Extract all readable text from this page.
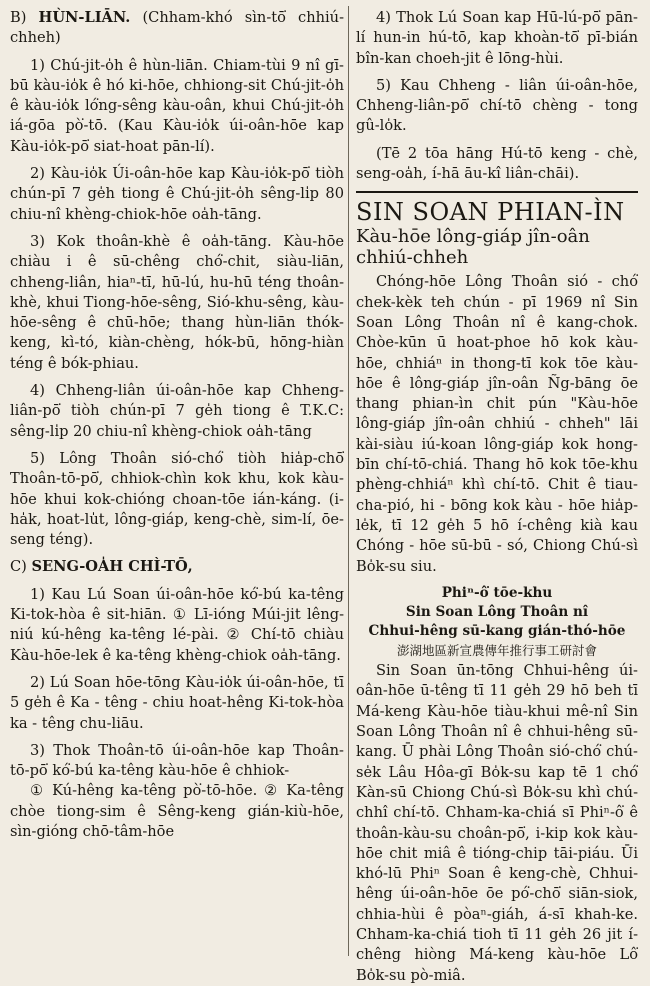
B) HÙN-LIĀN. (Chham-khó sìn-tō͘ chhiú-chheh)

1) Chú-jit-o̍h ê hùn-liān. Chiam-tùi 9 nî gī-bū kàu-io̍k ê hó ki-hōe, chhiong-sit Chú-jit-o̍h ê kàu-io̍k ló͘ng-sêng kàu-oân, khui Chú-jit-o̍h iá-gōa pò͘-tō. (Kau Kàu-io̍k úi-oân-hōe kap Kàu-io̍k-pō͘ siat-hoat pān-lí).

2) Kàu-io̍k Úi-oân-hōe kap Kàu-io̍k-pō͘ tiòh chún-pī 7 ge̍h tiong ê Chú-jit-o̍h sêng-li̍p 80 chiu-nî khèng-chiok-hōe oa̍h-tāng.

3) Kok thoân-khè ê oa̍h-tāng. Kàu-hōe chiàu i ê sū-chêng chó͘-chit, siàu-liān, chheng-liân, hiaⁿ-tī, hū-lú, hu-hū téng thoân-khè, khui Tiong-hōe-sêng, Sió-khu-sêng, kàu-hōe-sêng ê chū-hōe; thang hùn-liān thók-keng, kì-tó, kiàn-chèng, hók-bū, hōng-hiàn téng ê bók-phiau.

4) Chheng-liân úi-oân-hōe kap Chheng-liân-pō͘ tiòh chún-pī 7 ge̍h tiong ê T.K.C: sêng-li̍p 20 chiu-nî khèng-chiok oa̍h-tāng

5) Lông Thoân sió-chó͘ tiòh hia̍p-chō͘ Thoân-tō-pō͘, chhiok-chìn kok khu, kok kàu-hōe khui kok-chióng choan-tōe ián-káng. (i-ha̍k, hoat-lu̍t, lông-giáp, keng-chè, sim-lí, ōe-seng téng).

C) SENG-OA̍H CHÌ-TŌ,

1) Kau Lú Soan úi-oân-hōe kó͘-bú ka-têng Ki-tok-hòa ê sit-hiān. ① Lī-ióng Múi-jit lêng-niú kú-hêng ka-têng lé-pài. ② Chí-tō chiàu Kàu-hōe-lek ê ka-têng khèng-chiok oa̍h-tāng.

2) Lú Soan hōe-tōng Kàu-io̍k úi-oân-hōe, tī 5 ge̍h ê Ka - têng - chiu hoat-hêng Ki-tok-hòa ka - têng chu-liāu.

3) Thok Thoân-tō úi-oân-hōe kap Thoân-tō-pō͘ kó͘-bú ka-têng kàu-hōe ê chhiok-

① Kú-hêng ka-têng pò͘-tō-hōe. ② Ka-têng chòe tiong-sim ê Sêng-keng gián-kiù-hōe, sìn-gióng chō-tâm-hōe

4) Thok Lú Soan kap Hū-lú-pō͘ pān-lí hun-in hú-tō, kap khoàn-tō͘ pī-bián bîn-kan choeh-jit ê lōng-hùi.

5) Kau Chheng - liân úi-oân-hōe, Chheng-liân-pō͘ chí-tō chèng - tong gû-lo̍k.

(Tē 2 tōa hāng Hú-tō keng - chè, seng-oa̍h, í-hā āu-kî liân-chāi).

SIN SOAN PHIAN-ÌN
Kàu-hōe lông-giáp jîn-oân chhiú-chheh

Chóng-hōe Lông Thoân sió - chó͘ chek-kèk teh chún - pī 1969 nî Sin Soan Lông Thoân nî ê kang-chok. Chòe-kūn ū hoat-phoe hō kok kàu-hōe, chhiáⁿ in thong-tī kok tōe kàu-hōe ê lông-giáp jîn-oân Ñg-bāng ōe thang phian-ìn chi̍t pún "Kàu-hōe lông-giáp jîn-oân chhiú - chheh" lāi kài-siàu iú-koan lông-giáp kok hong-bīn chí-tō-chiá. Thang hō kok tōe-khu phèng-chhiáⁿ khì chí-tō. Chit ê tiau-cha-pió, hi - bōng kok kàu - hōe hia̍p-le̍k, tī 12 ge̍h 5 hō í-chêng kià kau Chóng - hōe sū-bū - só, Chiong Chú-sì Bo̍k-su siu.

Phiⁿ-ô͘ tōe-khu

Sin Soan Lông Thoân nî

Chhui-hêng sū-kang gián-thó-hōe

澎湖地區新宣農傳年推行事工研討會

Sin Soan ūn-tōng Chhui-hêng úi-oân-hōe ū-têng tī 11 ge̍h 29 hō beh tī Má-keng Kàu-hōe tiàu-khui mê-nî Sin Soan Lông Thoân nî ê chhui-hêng sū-kang. Ū phài Lông Thoân sió-chó͘ chú-se̍k Lâu Hôa-gī Bo̍k-su kap tē 1 chó͘ Kàn-sū Chiong Chú-sì Bo̍k-su khì chú-chhî chí-tō. Chham-ka-chiá sī Phiⁿ-ô͘ ê thoân-kàu-su choân-pō͘, i-kip kok kàu-hōe chit miâ ê tióng-chip tāi-piáu. Ūi khó-lū Phiⁿ Soan ê keng-chè, Chhui-hêng úi-oân-hōe ōe pó͘-chō͘ siān-siok, chhia-hùi ê pòaⁿ-giáh, á-sī khah-ke. Chham-ka-chiá tioh tī 11 ge̍h 26 jit í-chêng hiòng Má-keng kàu-hōe Lô͘ Bo̍k-su pò-miâ.
